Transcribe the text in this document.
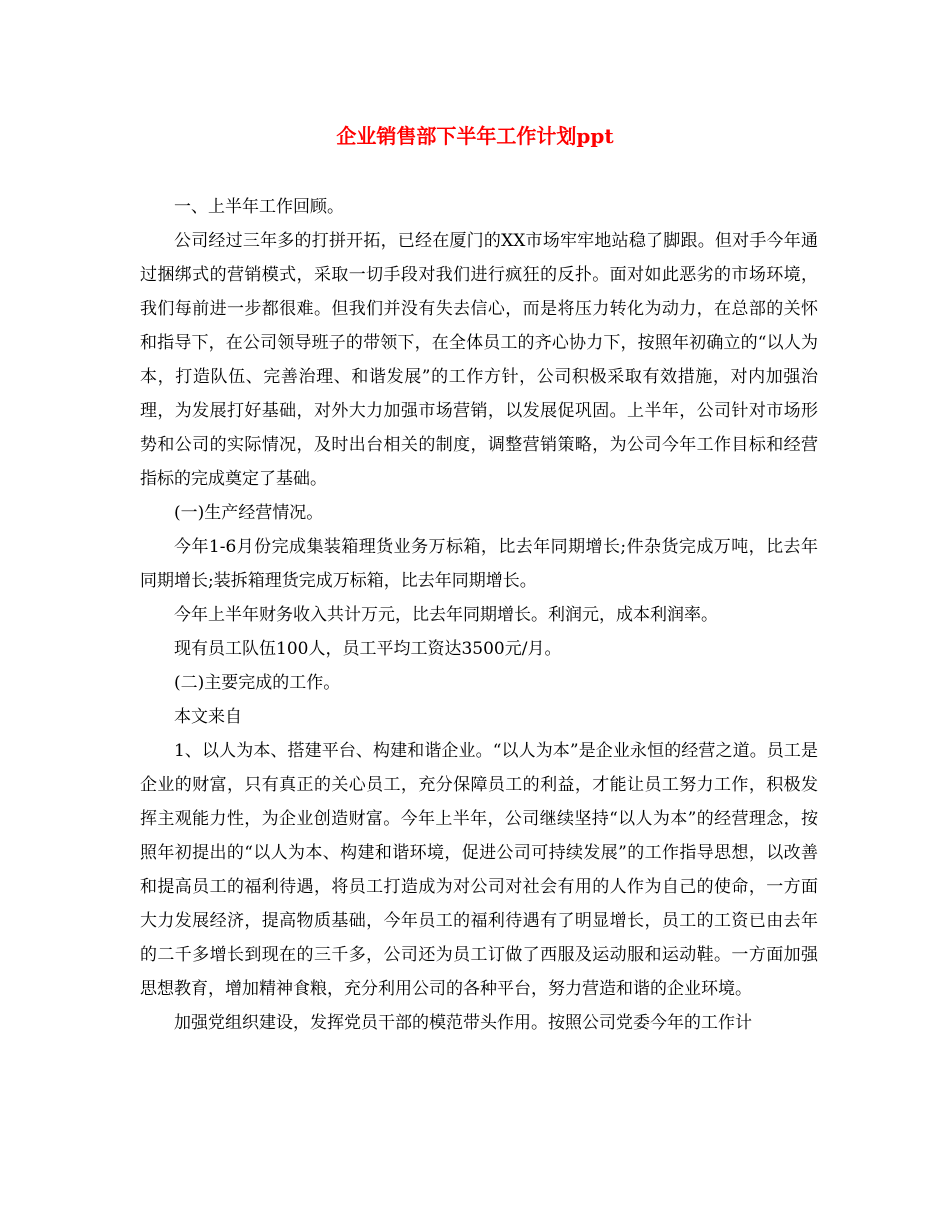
企业销售部下半年工作计划ppt

一、上半年工作回顾。

公司经过三年多的打拼开拓，已经在厦门的XX市场牢牢地站稳了脚跟。但对手今年通过捆绑式的营销模式，采取一切手段对我们进行疯狂的反扑。面对如此恶劣的市场环境，我们每前进一步都很难。但我们并没有失去信心，而是将压力转化为动力，在总部的关怀和指导下，在公司领导班子的带领下，在全体员工的齐心协力下，按照年初确立的“以人为本，打造队伍、完善治理、和谐发展”的工作方针，公司积极采取有效措施，对内加强治理，为发展打好基础，对外大力加强市场营销，以发展促巩固。上半年，公司针对市场形势和公司的实际情况，及时出台相关的制度，调整营销策略，为公司今年工作目标和经营指标的完成奠定了基础。

(一)生产经营情况。

今年1-6月份完成集装箱理货业务万标箱，比去年同期增长;件杂货完成万吨，比去年同期增长;装拆箱理货完成万标箱，比去年同期增长。

今年上半年财务收入共计万元，比去年同期增长。利润元，成本利润率。

现有员工队伍100人，员工平均工资达3500元/月。

(二)主要完成的工作。

本文来自

1、以人为本、搭建平台、构建和谐企业。“以人为本”是企业永恒的经营之道。员工是企业的财富，只有真正的关心员工，充分保障员工的利益，才能让员工努力工作，积极发挥主观能力性，为企业创造财富。今年上半年，公司继续坚持“以人为本”的经营理念，按照年初提出的“以人为本、构建和谐环境，促进公司可持续发展”的工作指导思想，以改善和提高员工的福利待遇，将员工打造成为对公司对社会有用的人作为自己的使命，一方面大力发展经济，提高物质基础，今年员工的福利待遇有了明显增长，员工的工资已由去年的二千多增长到现在的三千多，公司还为员工订做了西服及运动服和运动鞋。一方面加强思想教育，增加精神食粮，充分利用公司的各种平台，努力营造和谐的企业环境。

加强党组织建设，发挥党员干部的模范带头作用。按照公司党委今年的工作计
